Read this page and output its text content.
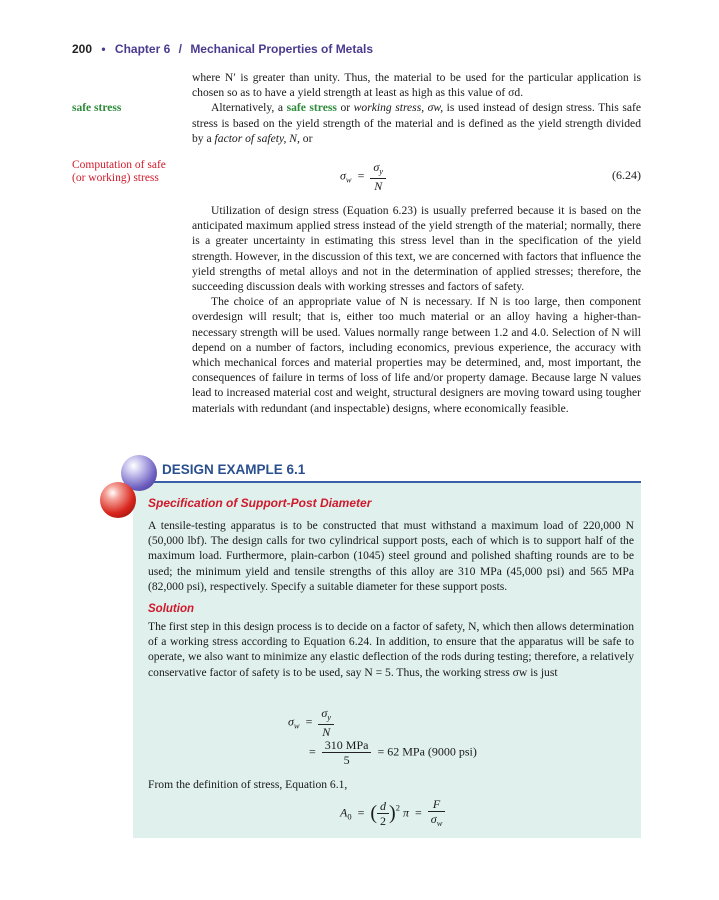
200 • Chapter 6 / Mechanical Properties of Metals
safe stress
Computation of safe
(or working) stress

where N′ is greater than unity. Thus, the material to be used for the particular application is chosen so as to have a yield strength at least as high as this value of σd.

Alternatively, a safe stress or working stress, σw, is used instead of design stress. This safe stress is based on the yield strength of the material and is defined as the yield strength divided by a factor of safety, N, or

$\sigma_w = \frac{\sigma_y}{N}$	(6.24)

Utilization of design stress (Equation 6.23) is usually preferred because it is based on the anticipated maximum applied stress instead of the yield strength of the material; normally, there is a greater uncertainty in estimating this stress level than in the specification of the yield strength. However, in the discussion of this text, we are concerned with factors that influence the yield strengths of metal alloys and not in the determination of applied stresses; therefore, the succeeding discussion deals with working stresses and factors of safety.

The choice of an appropriate value of N is necessary. If N is too large, then component overdesign will result; that is, either too much material or an alloy having a higher-than-necessary strength will be used. Values normally range between 1.2 and 4.0. Selection of N will depend on a number of factors, including economics, previous experience, the accuracy with which mechanical forces and material properties may be determined, and, most important, the consequences of failure in terms of loss of life and/or property damage. Because large N values lead to increased material cost and weight, structural designers are moving toward using tougher materials with redundant (and inspectable) designs, where economically feasible.

DESIGN EXAMPLE 6.1
Specification of Support-Post Diameter
A tensile-testing apparatus is to be constructed that must withstand a maximum load of 220,000 N (50,000 lbf). The design calls for two cylindrical support posts, each of which is to support half of the maximum load. Furthermore, plain-carbon (1045) steel ground and polished shafting rounds are to be used; the minimum yield and tensile strengths of this alloy are 310 MPa (45,000 psi) and 565 MPa (82,000 psi), respectively. Specify a suitable diameter for these support posts.
Solution
The first step in this design process is to decide on a factor of safety, N, which then allows determination of a working stress according to Equation 6.24. In addition, to ensure that the apparatus will be safe to operate, we also want to minimize any elastic deflection of the rods during testing; therefore, a relatively conservative factor of safety is to be used, say N = 5. Thus, the working stress σw is just
$\sigma_w = \frac{\sigma_y}{N}$
= $\frac{\text{310 MPa}}{5} = 62$ MPa (9000 psi)
From the definition of stress, Equation 6.1,
$A_0$  =  ( $\frac{d}{2} )^2$ $\pi = \frac{F}{\sigma_w}$
